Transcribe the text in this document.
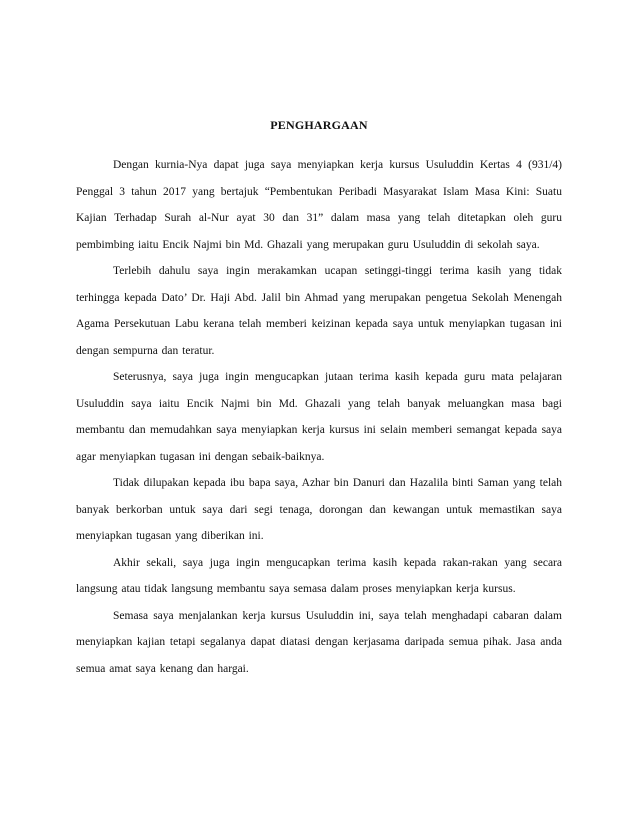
PENGHARGAAN

Dengan kurnia-Nya dapat juga saya menyiapkan kerja kursus Usuluddin Kertas 4 (931/4) Penggal 3 tahun 2017 yang bertajuk “Pembentukan Peribadi Masyarakat Islam Masa Kini: Suatu Kajian Terhadap Surah al-Nur ayat 30 dan 31” dalam masa yang telah ditetapkan oleh guru pembimbing iaitu Encik Najmi bin Md. Ghazali yang merupakan guru Usuluddin di sekolah saya.

Terlebih dahulu saya ingin merakamkan ucapan setinggi-tinggi terima kasih yang tidak terhingga kepada Dato’ Dr. Haji Abd. Jalil bin Ahmad yang merupakan pengetua Sekolah Menengah Agama Persekutuan Labu kerana telah memberi keizinan kepada saya untuk menyiapkan tugasan ini dengan sempurna dan teratur.

Seterusnya, saya juga ingin mengucapkan jutaan terima kasih kepada guru mata pelajaran Usuluddin saya iaitu Encik Najmi bin Md. Ghazali yang telah banyak meluangkan masa bagi membantu dan memudahkan saya menyiapkan kerja kursus ini selain memberi semangat kepada saya agar menyiapkan tugasan ini dengan sebaik-baiknya.

Tidak dilupakan kepada ibu bapa saya, Azhar bin Danuri dan Hazalila binti Saman yang telah banyak berkorban untuk saya dari segi tenaga, dorongan dan kewangan untuk memastikan saya menyiapkan tugasan yang diberikan ini.

Akhir sekali, saya juga ingin mengucapkan terima kasih kepada rakan-rakan yang secara langsung atau tidak langsung membantu saya semasa dalam proses menyiapkan kerja kursus.

Semasa saya menjalankan kerja kursus Usuluddin ini, saya telah menghadapi cabaran dalam menyiapkan kajian tetapi segalanya dapat diatasi dengan kerjasama daripada semua pihak. Jasa anda semua amat saya kenang dan hargai.
